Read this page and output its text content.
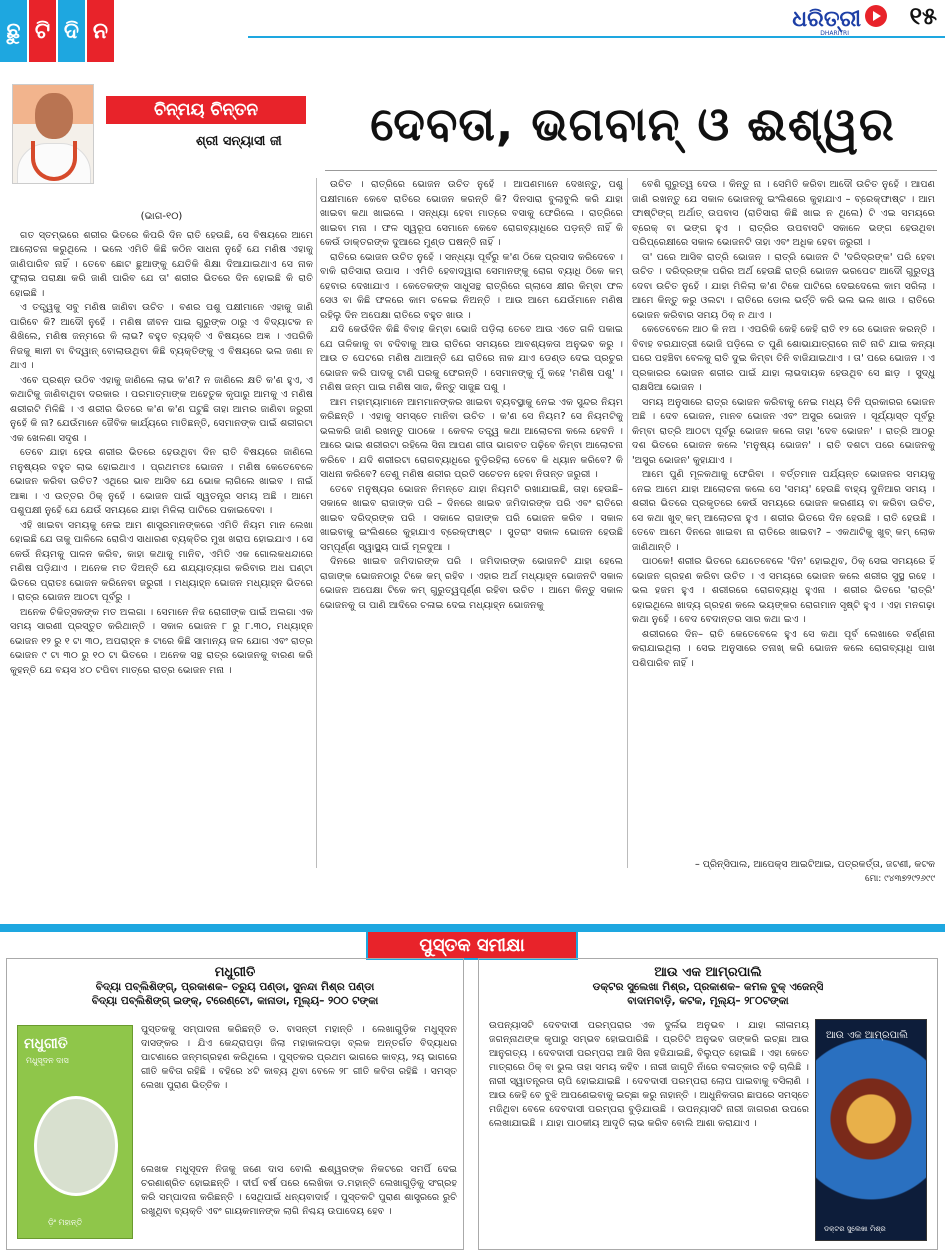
ଛୁ ଟି ଦି ନ	ଧରିତ୍ରୀ
DHARITRI
୧୫
ଚିନ୍ମୟ ଚିନ୍ତନ
ଶ୍ରୀ ସନ୍ୟାସୀ ଜୀ	ଦେବତା, ଭଗବାନ୍ ଓ ଈଶ୍ୱର
(ଭାଗ-୧୦)

ଗତ ସ୍ତମ୍ଭରେ ଶରୀର ଭିତରେ କିପରି ଦିନ ରାତି ହେଉଛି, ସେ ବିଷୟରେ ଆମେ ଆଲୋଚନା କରୁଥିଲେ । ଭଲେ ଏମିତି କିଛି କଠିନ ସାଧନା ନୁହେଁ ଯେ ମଣିଷ ଏହାକୁ ଜାଣିପାରିବ ନାହିଁ । ତେବେ ଛୋଟ ଛୁଆଙ୍କୁ ଯେତିକି ଶିକ୍ଷା ଦିଆଯାଇଥାଏ ସେ ନାକ ଫୁଲାଇ ପରାକ୍ଷା କରି ଜାଣି ପାରିବ ଯେ ତା' ଶରୀର ଭିତରେ ଦିନ ହୋଇଛି କି ରାତି ହୋଇଛି ।

ଏ ତତ୍ତ୍ୱକୁ ସବୁ ମଣିଷ ଜାଣିବା ଉଚିତ । ବଣର ପଶୁ ପକ୍ଷୀମାନେ ଏହାକୁ ଜାଣି ପାରିବେ କି? ଆଦୌ ନୁହେଁ । ମଣିଷ ଜୀବନ ପାଇ ଗୁରୁଙ୍କ ଠାରୁ ଏ ବିଦ୍ୟାଟକ ନ ଶିଖିଲେ, ମଣିଷ ଜନ୍ମରେ କି ଲାଭ? ବହୁତ ବ୍ୟକ୍ତି ଏ ବିଷୟରେ ଅଜ୍ଞ । ଏପରିକି ନିଜକୁ ଜ୍ଞାନୀ ବା ବିଦ୍ୱାନ୍ ବୋଲାଉଥିବା କିଛି ବ୍ୟକ୍ତିଙ୍କୁ ଏ ବିଷୟରେ ଭଲ ଜଣା ନ ଥାଏ ।

ଏବେ ପ୍ରଶ୍ନ ଉଠିବ ଏହାକୁ ଜାଣିଲେ ଲାଭ କ'ଣ? ନ ଜାଣିଲେ କ୍ଷତି କ'ଣ ହୁଏ, ଏ କଥାଟିକୁ ଜାଣିବାଥିବା ଦରକାର । ପରମାତ୍ମାଙ୍କ ଅହେତୁକ କୃପାରୁ ଆମକୁ ଏ ମଣିଷ ଶରୀରଟି ମିଳିଛି । ଏ ଶରୀର ଭିତରେ କ'ଣ କ'ଣ ଘଟୁଛି ତାହା ଆମର ଜାଣିବା ଜରୁରୀ ନୁହେଁ କି ନା? ଯେଉଁମାନେ ଜୈବିକ କାର୍ଯ୍ୟରେ ମାତିଛନ୍ତି, ସେମାନଙ୍କ ପାଇଁ ଶରୀରଟା ଏକ ଖେଳଣା ସଦୃଶ ।

ତେବେ ଯାହା ହେଉ ଶରୀର ଭିତରେ ହେଉଥିବା ଦିନ ରାତି ବିଷୟରେ ଜାଣିଲେ ମନୁଷ୍ୟର ବହୁତ ଲାଭ ହୋଇଥାଏ । ପ୍ରଥମତଃ ଭୋଜନ । ମଣିଷ କେତେବେଳେ ଭୋଜନ କରିବା ଉଚିତ? ଏଥିରେ ଭାବ ଆସିବ ଯେ ଭୋକ ଲାଗିଲେ ଖାଇବ । ନାଇଁ ଆଜ୍ଞା । ଏ ଉତ୍ତର ଠିକ୍ ନୁହେଁ । ଭୋଜନ ପାଇଁ ସ୍ୱତନ୍ତ୍ର ସମୟ ଅଛି । ଆମେ ପଶୁପକ୍ଷୀ ନୁହେଁ ଯେ ଯେଉଁ ସମୟରେ ଯାହା ମିଳିଲା ପାଟିରେ ପକାଇଦେବା ।

ଏହି ଖାଇବା ସମୟକୁ ନେଇ ଆମ ଶାସ୍ତ୍ରମାନଙ୍କରେ ଏମିତି ନିୟମ ମାନ ଲେଖା ହୋଇଛି ଯେ ତାକୁ ପାଳିଲେ ରୋଗିଏ ସାଧାରଣ ବ୍ୟକ୍ତିର ମୁଖ ଖରାପ ହୋଇଯାଏ । ସେ କେଉଁ ନିୟମକୁ ପାଳନ କରିବ, କାହା କଥାକୁ ମାନିବ, ଏମିତି ଏକ ଗୋଲକଧନ୍ଦାରେ ମଣିଷ ପଡ଼ିଯାଏ । ଅନେକ ମତ ଦିଅନ୍ତି ଯେ ଶଯ୍ୟାତ୍ୟାଗ କରିବାର ଅଧ ଘଣ୍ଟା ଭିତରେ ପ୍ରାତଃ ଭୋଜନ କରିନେବା ଜରୁରୀ । ମଧ୍ୟାହ୍ନ ଭୋଜନ ମଧ୍ୟାହ୍ନ ଭିତରେ । ରାତ୍ର ଭୋଜନ ଆଠଟା ପୂର୍ବରୁ ।

ଅନେକ ଚିକିତ୍ସକଙ୍କ ମତ ଅଲଗା । ସେମାନେ ନିଜ ରୋଗୀଙ୍କ ପାଇଁ ଅଲଗା ଏକ ସମୟ ସାରଣୀ ପ୍ରସ୍ତୁତ କରିଥାନ୍ତି । ସକାଳ ଭୋଜନ ୮ ରୁ ୮.୩୦, ମଧ୍ୟାହ୍ନ ଭୋଜନ ୧୨ ରୁ ୧ ଟା ୩୦, ଅପରାହ୍ନ ୫ ଟାରେ କିଛି ସାମାନ୍ୟ ଜଳ ଯୋଗ ଏବଂ ରାତ୍ର ଭୋଜନ ୯ ଟା ୩୦ ରୁ ୧୦ ଟା ଭିତରେ । ଅନେକ ସନ୍ଥ ରାତ୍ର ଭୋଜନକୁ ବାରଣ କରି କୁହନ୍ତି ଯେ ବୟସ ୪୦ ଟପିବା ମାତ୍ରେ ରାତ୍ର ଭୋଜନ ମନା ।

ଉଚିତ । ରାତ୍ରିରେ ଭୋଜନ ଉଚିତ ନୁହେଁ । ଆପଣମାନେ ଦେଖନ୍ତୁ, ପଶୁ ପକ୍ଷୀମାନେ କେବେ ରାତିରେ ଭୋଜନ କରନ୍ତି କି? ଦିନସାରା ବୁଲାବୁଲି କରି ଯାହା ଖାଇବା କଥା ଖାଇଲେ । ସନ୍ଧ୍ୟା ହେବା ମାତ୍ରେ ବସାକୁ ଫେରିଲେ । ରାତ୍ରିରେ ଖାଇବା ମନା । ଫଳ ସ୍ୱରୂପ ସେମାନେ କେବେ ରୋଗବ୍ୟାଧିରେ ପଡ଼ନ୍ତି ନାହିଁ କି କେଉଁ ଡାକ୍ତରଙ୍କ ଦୁଆରେ ମୁଣ୍ଡ ଘଷନ୍ତି ନାହିଁ ।

ରାତିରେ ଭୋଜନ ଉଚିତ ନୁହେଁ । ସନ୍ଧ୍ୟା ପୂର୍ବରୁ କ'ଣ ଠିକେ ପ୍ରସାଦ କରିଦେବେ । ବାକି ରାତିସାରା ଉପାସ । ଏମିତି ହେବାଦ୍ୱାରା ସେମାନଙ୍କୁ ରୋଗ ବ୍ୟାଧି ଠିକେ କମ୍ ହେବାର ଦେଖାଯାଏ । କେତେକଙ୍କ ସାଧୁସନ୍ଥ ରାତ୍ରିରେ ଗ୍ଲାସେ କ୍ଷୀର କିମ୍ବା ଫଳ ସେଓ ବା କିଛି ଫଳରେ କାମ ଚଳେଇ ନିଅନ୍ତି । ଆଉ ଆମେ ଯେଉଁମାନେ ମଣିଷ ରହିଲୁ ଦିନ ଅପେକ୍ଷା ରାତିରେ ବହୁତ ଖାଉ ।

ଯଦି କେଉଁଦିନ କିଛି ବିବାହ କିମ୍ବା ଭୋଜି ପଡ଼ିଲା ତେବେ ଆଉ ଏତେ ଗଳି ପକାଇ ଯେ ତାଳିକାକୁ ବା ବଦିବାକୁ ଆଉ ରାତିରେ ସମୟରେ ଆବଶ୍ୟକତା ଅନୁଭବ କରୁ । ଆଉ ତ ପେଟରେ ମଣିଷ ଥାଆନ୍ତି ଯେ ରାତିରେ ନାକ ଯାଏ ଡେଣ୍ଡ ଦେଇ ପ୍ରଚୁର ଭୋଜନ କରି ପାଦକୁ ଟାଣି ଘରକୁ ଫେରନ୍ତି । ସେମାନଙ୍କୁ ମୁଁ କହେ 'ମଣିଷ ପଶୁ' । ମଣିଷ ଜନ୍ମ ପାଇ ମଣିଷ ସାଜ, କିନ୍ତୁ ସାଜୁଛ ପଶୁ ।

ଆମ ମହାମ୍ୟାମାନେ ଆମମାନଙ୍କର ଖାଇବା ବ୍ୟବସ୍ଥାକୁ ନେଇ ଏକ ସୁନ୍ଦର ନିୟମ କରିଛନ୍ତି । ଏହାକୁ ସମସ୍ତେ ମାନିବା ଉଚିତ । କ'ଣ ସେ ନିୟମ? ସେ ନିୟମଟିକୁ ଭଲକରି ଜାଣି ରଖନ୍ତୁ ପାଠକେ । କେବଳ ତତ୍ତ୍ୱ କଥା ଆଲୋଚନା କଲେ ହେବନି । ଆରେ ଭାଇ ଶରୀରଟା ରହିଲେ ସିନା ଆପଣ ଗୀତା ଭାଗବତ ପଢ଼ିବେ କିମ୍ବା ଆଲୋଚନା କରିବେ । ଯଦି ଶରୀରଟା ରୋଗବ୍ୟାଧିରେ ବୁଡ଼ିରହିଲା ତେବେ କି ଧ୍ୟାନ କରିବେ? କି ସାଧନା କରିବେ? ତେଣୁ ମଣିଷ ଶରୀର ପ୍ରତି ସଚେତନ ହେବା ନିତାନ୍ତ ଜରୁରୀ ।

ତେବେ ମନୁଷ୍ୟର ଭୋଜନ ନିମନ୍ତେ ଯାହା ନିୟମଟି ରଖାଯାଇଛି, ତାହା ହେଉଛି– ସକାଳେ ଖାଇବ ରାଜାଙ୍କ ପରି – ଦିନରେ ଖାଇବ ଜମିଦାରଙ୍କ ପରି ଏବଂ ରାତିରେ ଖାଇବ ଦରିଦ୍ରଙ୍କ ପରି । ସକାଳେ ରାଜାଙ୍କ ପରି ଭୋଜନ କରିବ । ସକାଳ ଖାଇବାକୁ ଇଂଲିଶରେ କୁହାଯାଏ ବ୍ରେକ୍‌ଫାଷ୍ଟ । ସୁତରାଂ ସକାଳ ଭୋଜନ ହେଉଛି ସମ୍ପୂର୍ଣ୍ଣ ସ୍ୱାସ୍ଥ୍ୟ ପାଇଁ ମୂଳଦୁଆ ।

ଦିନରେ ଖାଇବ ଜମିଦାରଙ୍କ ପରି । ଜମିଦାରଙ୍କ ଭୋଜନଟି ଯାହା ହେଲେ ରାଜାଙ୍କ ଭୋଜନଠାରୁ ଟିକେ କମ୍ ରହିବ । ଏହାର ଅର୍ଥ ମଧ୍ୟାହ୍ନ ଭୋଜନଟି ସକାଳ ଭୋଜନ ଅପେକ୍ଷା ଟିକେ କମ୍ ଗୁରୁତ୍ୱପୂର୍ଣ୍ଣ ରହିବା ଉଚିତ । ଆମେ କିନ୍ତୁ ସକାଳ ଭୋଜନକୁ ତା ପାଣି ଆଦିରେ ଚଳାଇ ଦେଇ ମଧ୍ୟାହ୍ନ ଭୋଜନକୁ

ବେଶି ଗୁରୁତ୍ୱ ଦେଉ । କିନ୍ତୁ ନା । ସେମିତି କରିବା ଆଦୌ ଉଚିତ ନୁହେଁ । ଆପଣ ଜାଣି ରଖନ୍ତୁ ଯେ ସକାଳ ଭୋଜନକୁ ଇଂଲିଶରେ କୁହାଯାଏ – ବ୍ରେକ୍‌ଫାଷ୍ଟ । ଆମ ଫାଷ୍ଟିଙ୍ଗ୍ ଅର୍ଥାତ୍ ଉପବାସ (ରାତିସାରା କିଛି ଖାଇ ନ ଥିଲେ) ଟି ଏଇ ସମୟରେ ବ୍ରେକ୍ ବା ଭଙ୍ଗ ହୁଏ । ରାତ୍ରିର ଉପବାସଟି ସକାଳେ ଭଙ୍ଗ ହେଉଥିବା ପରିପ୍ରେକ୍ଷୀରେ ସକାଳ ଭୋଜନଟି ତାହା ଏବଂ ଅଧିକ ହେବା ଜରୁରୀ ।

ତା' ପରେ ଆସିବ ରାତ୍ରି ଭୋଜନ । ରାତ୍ରି ଭୋଜନ ଟି 'ଦରିଦ୍ରଙ୍କ' ପରି ହେବା ଉଚିତ । ଦରିଦ୍ରଙ୍କ ପରିର ଅର୍ଥ ହେଉଛି ରାତ୍ରି ଭୋଜନ ଭରପେଟ ଆଦୌ ଗୁରୁତ୍ୱ ଦେବା ଉଚିତ ନୁହେଁ । ଯାହା ମିଳିଲା କ'ଣ ଟିକେ ପାଟିରେ ଦେଇଦେଲେ କାମ ସରିଲା । ଆମେ କିନ୍ତୁ କରୁ ଓଲଟା । ରାତିରେ ଡୋଲ ଭର୍ତ୍ତି କରି ଭଲ ଭଲ ଖାଉ । ରାତିରେ ଭୋଜନ କରିବାର ସମୟ ଠିକ୍ ନ ଥାଏ ।

କେତେବେଳେ ଆଠ କି ନଅ । ଏପରିକି କେହି କେହି ରାତି ୧୨ ରେ ଭୋଜନ କରନ୍ତି । ବିବାହ ବରଯାତ୍ରୀ ଭୋଜି ପଡ଼ିଲେ ତ ପୁଣି ଶୋଭାଯାତ୍ରାରେ ନାଚି ନାଚି ଯାଇ କନ୍ୟା ଘରେ ପହଞ୍ଚିବା ବେଳକୁ ରାତି ଦୁଇ କିମ୍ବା ତିନି ବାଜିଯାଇଥାଏ । ତା' ପରେ ଭୋଜନ । ଏ ପ୍ରକାରର ଭୋଜନ ଶରୀର ପାଇଁ ଯାହା ଲାଭଦାୟକ ହେଉଥିବ ସେ ଛାଡ଼ । ସୁଦ୍ଧୁ ରାକ୍ଷସିଆ ଭୋଜନ ।

ସମୟ ଅନୁସାରେ ରାତ୍ର ଭୋଜନ କରିବାକୁ ନେଇ ମଧ୍ୟ ତିନି ପ୍ରକାରର ଭୋଜନ ଅଛି । ଦେବ ଭୋଜନ, ମାନବ ଭୋଜନ ଏବଂ ଅସୁର ଭୋଜନ । ସୂର୍ଯ୍ୟାସ୍ତ ପୂର୍ବରୁ କିମ୍ବା ରାତ୍ରି ଆଠଟା ପୂର୍ବରୁ ଭୋଜନ କଲେ ତାହା 'ଦେବ ଭୋଜନ' । ରାତ୍ରି ଆଠରୁ ଦଶ ଭିତରେ ଭୋଜନ କଲେ 'ମନୁଷ୍ୟ ଭୋଜନ' । ରାତି ଦଶଟା ପରେ ଭୋଜନକୁ 'ଅସୁର ଭୋଜନ' କୁହାଯାଏ ।

ଆମେ ପୁଣି ମୂଳକଥାକୁ ଫେରିବା । ବର୍ତ୍ତମାନ ପର୍ଯ୍ୟନ୍ତ ଭୋଜନର ସମୟକୁ ନେଇ ଆମେ ଯାହା ଆଲୋଚନା କଲେ ସେ 'ସମୟ' ହେଉଛି ବାହ୍ୟ ଦୁନିଆର ସମୟ । ଶରୀର ଭିତରେ ପ୍ରକୃତରେ କେଉଁ ସମୟରେ ଭୋଜନ କରଣୀୟ ବା କରିବା ଉଚିତ, ସେ କଥା ଖୁବ୍ କମ୍ ଆଲୋଚନା ହୁଏ । ଶରୀର ଭିତରେ ଦିନ ହେଉଛି । ରାତି ହେଉଛି । ତେବେ ଆମେ ଦିନରେ ଖାଇବା ନା ରାତିରେ ଖାଇବା? – ଏକଥାଟିକୁ ଖୁବ୍ କମ୍ ଲୋକ ଜାଣିଥାନ୍ତି ।

ପାଠକେ! ଶରୀର ଭିତରେ ଯେତେବେଳେ 'ଦିନ' ହୋଇଥିବ, ଠିକ୍ ସେଇ ସମୟରେ ହିଁ ଭୋଜନ ଗ୍ରହଣ କରିବା ଉଚିତ । ଏ ସମୟରେ ଭୋଜନ କଲେ ଶରୀର ସୁସ୍ଥ ରହେ । ଭଲ ହଜମ ହୁଏ । ଶରୀରରେ ରୋଗବ୍ୟାଧି ହୁଏନା । ଶରୀର ଭିତରେ 'ରାତ୍ରି' ହୋଇଥିଲେ ଖାଦ୍ୟ ଗ୍ରହଣ କଲେ ଭୟଙ୍କର ରୋଗମାନ ସୃଷ୍ଟି ହୁଏ । ଏହା ମନଗଢ଼ା କଥା ନୁହେଁ । ବେଦ ବେଦାନ୍ତର ସାର କଥା ଇଏ ।

ଶରୀରରେ ଦିନ– ରାତି କେତେବେଳେ ହୁଏ ସେ କଥା ପୂର୍ବ ଲେଖାରେ ବର୍ଣ୍ଣନା କରାଯାଇଥିଲା । ସେଇ ଅନୁସାରେ ତନାଖ୍ କରି ଭୋଜନ କଲେ ରୋଗବ୍ୟାଧି ପାଖ ପଶିପାରିବ ନାହିଁ ।

– ପ୍ରିନ୍ସିପାଲ, ଆପେକ୍ସ ଆଇଟିଆଇ, ପତ୍ରକର୍ତ୍ତା, ଜଟଣୀ, କଟକ
ମୋ: ୯୪୩୭୨୯୨୬୯୯
ପୁସ୍ତକ ସମୀକ୍ଷା
ମଧୁଗୀତି
ବିଦ୍ୟା ପବ୍ଲିଶିଙ୍ଗ୍, ପ୍ରକାଶକ– ତରୁୟ ପଣ୍ଡା, ସୁନନ୍ଦା ମିଶ୍ର ପଣ୍ଡା
ବିଦ୍ୟା ପବ୍ଲିଶିଙ୍ଗ୍ ଇଙ୍କ୍, ଟରେଣ୍ଟୋ, କାନାଡା, ମୂଲ୍ୟ– ୨୦୦ ଟଙ୍କା
ମଧୁଗୀତି
ମଧୁସୂଦନ ଦାସ
ଡ଼ିଂ ମହାନ୍ତି
ପୁସ୍ତକକୁ ସମ୍ପାଦନା କରିଛନ୍ତି ଡ. ବାସନ୍ତୀ ମହାନ୍ତି । ଲେଖାଗୁଡ଼ିକ ମଧୁସୂଦନ ଦାସଙ୍କର । ଯିଏ କେନ୍ଦ୍ରାପଡ଼ା ଜିଲା ମହାକାଳପଡ଼ା ବ୍ଲକ ଅନ୍ତର୍ଗତ ବିଦ୍ୟାଧର ପାଟଣାରେ ଜନ୍ମଗ୍ରହଣ କରିଥିଲେ । ପୁସ୍ତକର ପ୍ରଥମ ଭାଗରେ କାବ୍ୟ, ୨ୟ ଭାଗରେ ଗୀତି କବିତା ରହିଛି । ବହିରେ ୪ଟି କାବ୍ୟ ଥିବା ବେଳେ ୨୮ ଗୀତି କବିତା ରହିଛି । ସମସ୍ତ ଲେଖା ପୁରାଣ ଭିତ୍ତିକ ।
ଲେଖକ ମଧୁସୂଦନ ନିଜକୁ ଜଣେ ଦାସ ବୋଲି ଈଶ୍ୱରଙ୍କ ନିକଟରେ ସମର୍ପି ଦେଇ ଚରଣାଶ୍ରିତ ହୋଇଛନ୍ତି । ଦୀର୍ଘ ବର୍ଷ ପରେ ଲେଖିକା ଡ.ମହାନ୍ତି ଲେଖାଗୁଡ଼ିକୁ ସଂଗ୍ରହ କରି ସମ୍ପାଦନା କରିଛନ୍ତି । ସେଥିପାଇଁ ଧନ୍ୟବାଦାର୍ହ । ପୁସ୍ତକଟି ପୁରାଣ ଶାସ୍ତ୍ରରେ ରୁଚି ରଖୁଥିବା ବ୍ୟକ୍ତି ଏବଂ ଗାୟକମାନଙ୍କ ଲାଗି ନିଶ୍ଚୟ ଉପାଦେୟ ହେବ ।
ଆଉ ଏକ ଆମ୍ରପାଲି
ଡକ୍ଟର ସୁଲେଖା ମିଶ୍ର, ପ୍ରକାଶକ– କମଳ ବୁକ୍ ଏଜେନ୍ସି
ବାଦାମବାଡ଼ି, କଟକ, ମୂଲ୍ୟ– ୨୮୦ଟଙ୍କା
ଉପନ୍ୟାସଟି ଦେବଦାସୀ ପରମ୍ପରାର ଏକ ଦୁର୍ଲଭ ଅନୁଭବ । ଯାହା ଲୀଳାମୟ ଜଗନ୍ନାଥଙ୍କ କୃପାରୁ ସମ୍ଭବ ହୋଇପାରିଛି । ପ୍ରତିଟି ଅନୁଭବ ତାଙ୍କରି ଇଚ୍ଛା ଆଉ ଆନୁଗତ୍ୟ । ଦେବଦାସୀ ପରମ୍ପରା ଆଜି ସିନା ହଜିଯାଇଛି, ବିଲୁପ୍ତ ହୋଇଛି । ଏହା କେତେ ମାତ୍ରାରେ ଠିକ୍ ବା ଭୁଲ ତାହା ସମୟ କହିବ । ନାରୀ ଜାଗୃତି ନାଁରେ ବଳାତ୍କାର ବଢ଼ି ଚାଲିଛି । ନାରୀ ସ୍ୱାତନ୍ତ୍ରତା ଚାପି ହୋଇଯାଇଛି । ଦେବଦାସୀ ପରମ୍ପରା ଲୋପ ପାଇବାକୁ ବସିଲାଣି । ଆଉ କେହି ବେ ବୁଝି ଆପଣେଇବାକୁ ଇଚ୍ଛା କରୁ ନାହାନ୍ତି । ଆଧୁନିକତାର ଛାପରେ ସମସ୍ତେ ମଜିଥିବା ବେଳେ ଦେବଦାସୀ ପରମ୍ପରା ବୁଡ଼ିଯାଉଛି । ଉପନ୍ୟାସଟି ନାରୀ ଜାଗରଣ ଉପରେ ଲେଖାଯାଇଛି । ଯାହା ପାଠକୀୟ ଆଦୃତି ଲାଭ କରିବ ବୋଲି ଆଶା କରାଯାଏ ।
ଆଉ ଏକ ଆମ୍ରପାଲି
ଡକ୍ଟର ସୁଲେଖା ମିଶ୍ର
